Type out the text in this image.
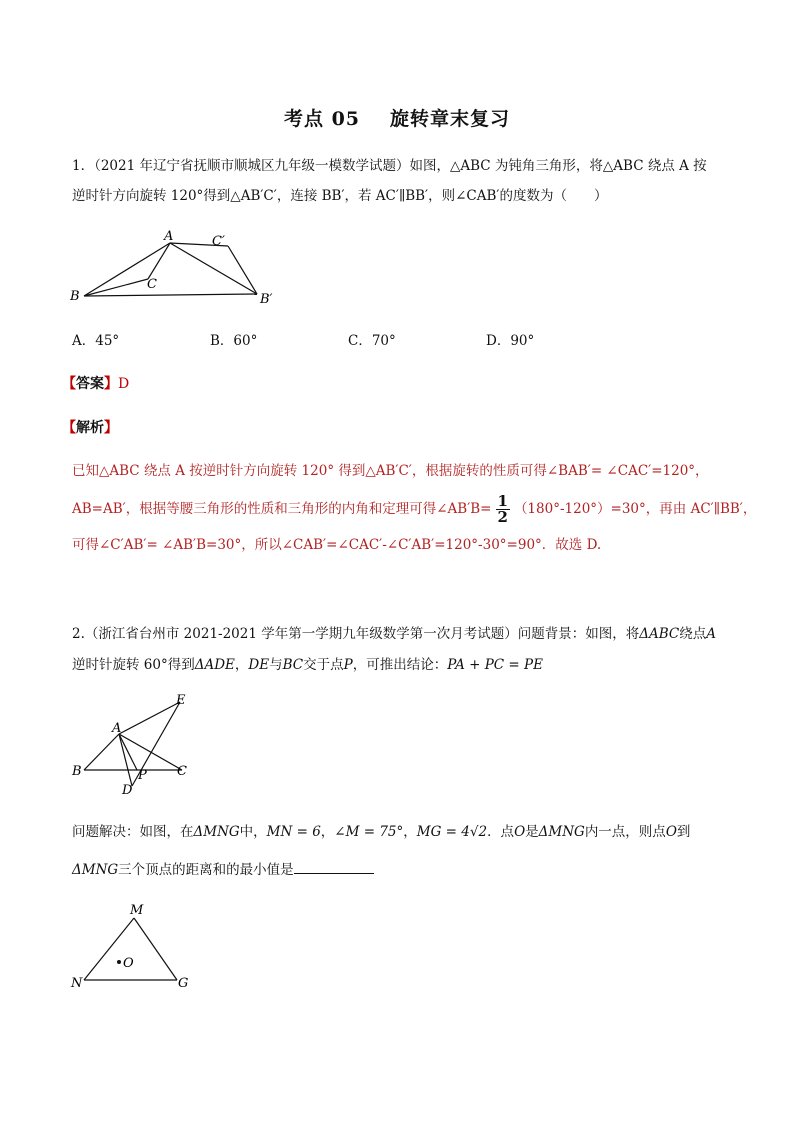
考点 05 旋转章末复习
1．（2021 年辽宁省抚顺市顺城区九年级一模数学试题）如图，△ABC 为钝角三角形，将△ABC 绕点 A 按
逆时针方向旋转 120°得到△AB′C′，连接 BB′，若 AC′∥BB′，则∠CAB′的度数为（　　）
A	C′
C
B	B′
A．45°	B．60°	C．70°	D．90°
【答案】D
【解析】
已知△ABC 绕点 A 按逆时针方向旋转 120° 得到△AB′C′，根据旋转的性质可得∠BAB′= ∠CAC′=120°，
AB=AB′，根据等腰三角形的性质和三角形的内角和定理可得∠AB′B= $\frac{1}{2} (180^\circ-120^\circ)=30^\circ$，再由 AC′∥BB′，
可得∠C′AB′= ∠AB′B=30°，所以∠CAB′=∠CAC′-∠C′AB′=120°-30°=90°．故选 D.
2.（浙江省台州市 2021-2021 学年第一学期九年级数学第一次月考试题）问题背景：如图，将ΔABC绕点A
逆时针旋转 60°得到ΔADE，DE与BC交于点P，可推出结论：PA + PC = PE
A
E
B	C
P
D
问题解决：如图，在ΔMNG中，MN = 6，∠M = 75°，MG = 4√2．点O是ΔMNG内一点，则点O到
ΔMNG三个顶点的距离和的最小值是
M
O
N	G
